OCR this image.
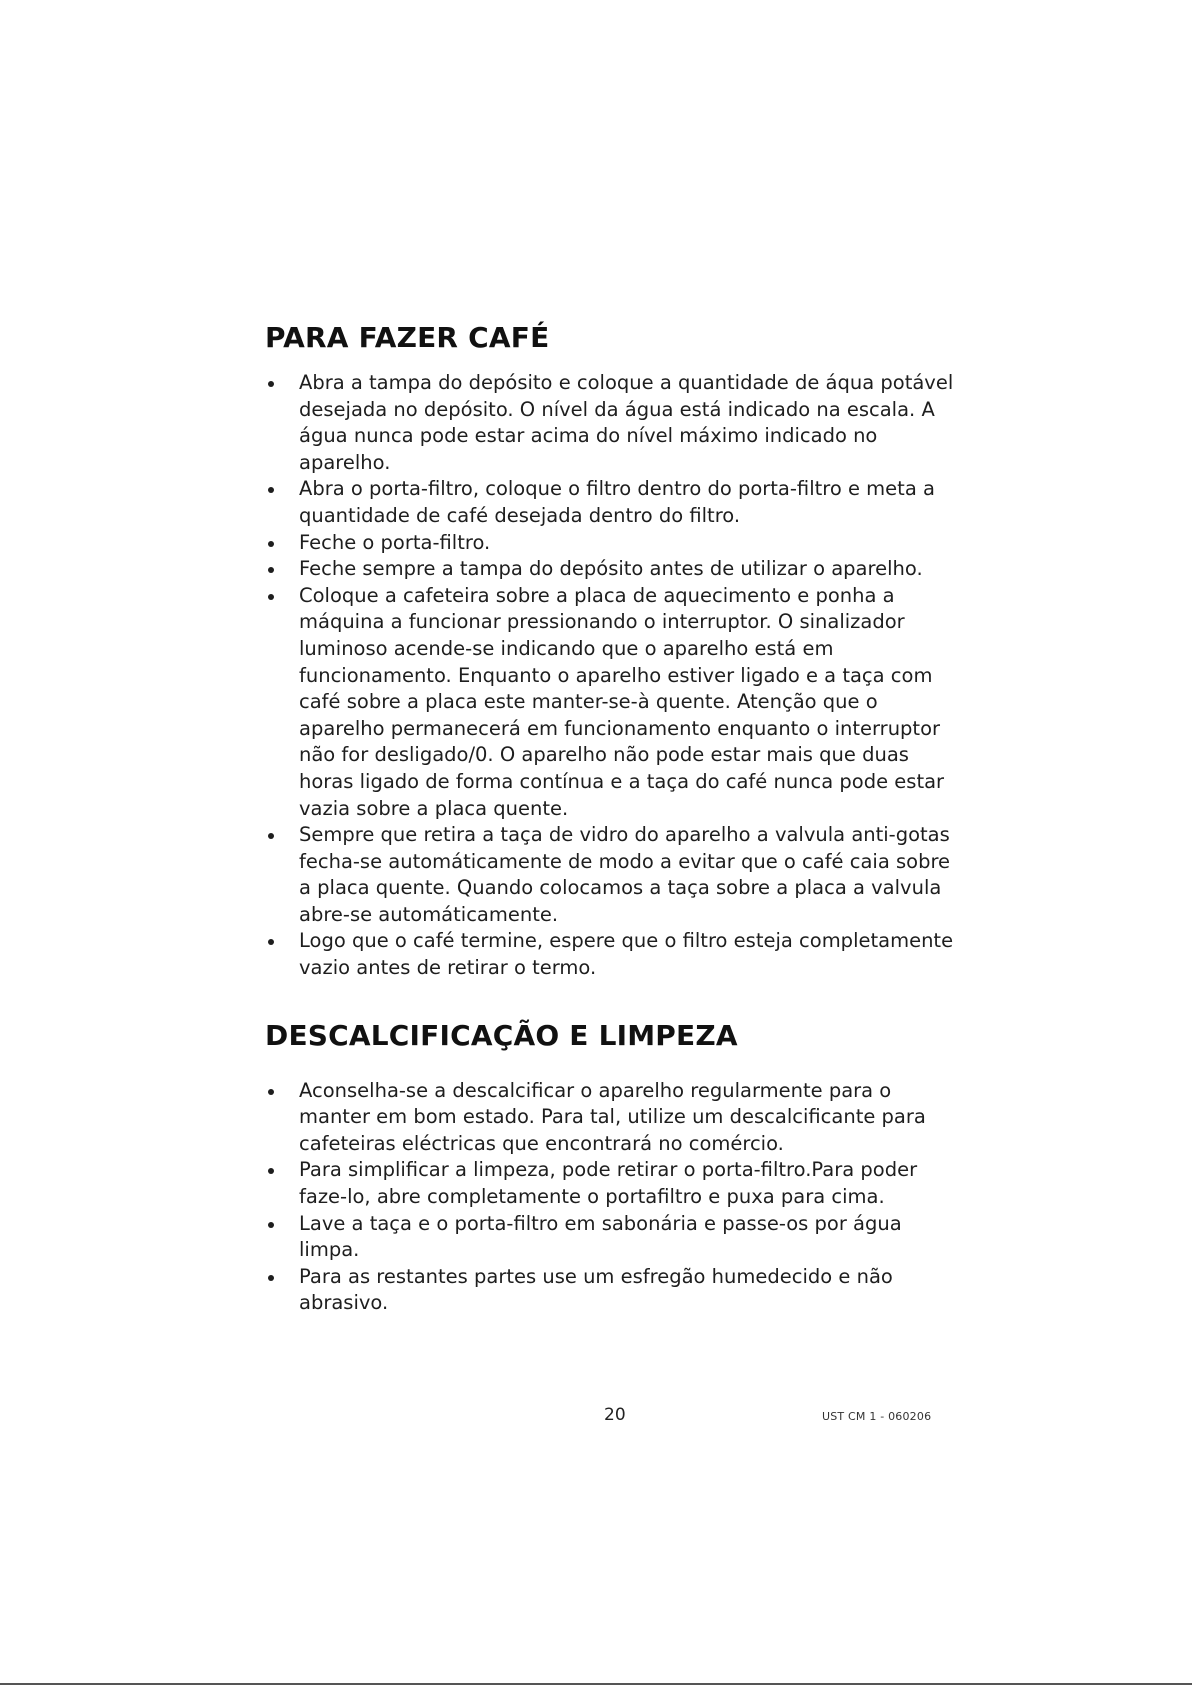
PARA FAZER CAFÉ
Abra a tampa do depósito e coloque a quantidade de áqua potável desejada no depósito. O nível da água está indicado na escala. A água nunca pode estar acima do nível máximo indicado no aparelho.
Abra o porta-filtro, coloque o filtro dentro do porta-filtro e meta a quantidade de café desejada dentro do filtro.
Feche o porta-filtro.
Feche sempre a tampa do depósito antes de utilizar o aparelho.
Coloque a cafeteira sobre a placa de aquecimento e ponha a máquina a funcionar pressionando o interruptor. O sinalizador luminoso acende-se indicando que o aparelho está em funcionamento. Enquanto o aparelho estiver ligado e a taça com café sobre a placa este manter-se-à quente. Atenção que o aparelho permanecerá em funcionamento enquanto o interruptor não for desligado/0. O aparelho não pode estar mais que duas horas ligado de forma contínua e a taça do café nunca pode estar vazia sobre a placa quente.
Sempre que retira a taça de vidro do aparelho a valvula anti-gotas fecha-se automáticamente de modo a evitar que o café caia sobre a placa quente. Quando colocamos a taça sobre a placa a valvula abre-se automáticamente.
Logo que o café termine, espere que o filtro esteja completamente vazio antes de retirar o termo.
DESCALCIFICAÇÃO E LIMPEZA
Aconselha-se a descalcificar o aparelho regularmente para o manter em bom estado. Para tal, utilize um descalcificante para cafeteiras eléctricas que encontrará no comércio.
Para simplificar a limpeza, pode retirar o porta-filtro.Para poder faze-lo, abre completamente o portafiltro e puxa para cima.
Lave a taça e o porta-filtro em sabonária e passe-os por água limpa.
Para as restantes partes use um esfregão humedecido e não abrasivo.
20	UST CM 1 - 060206
